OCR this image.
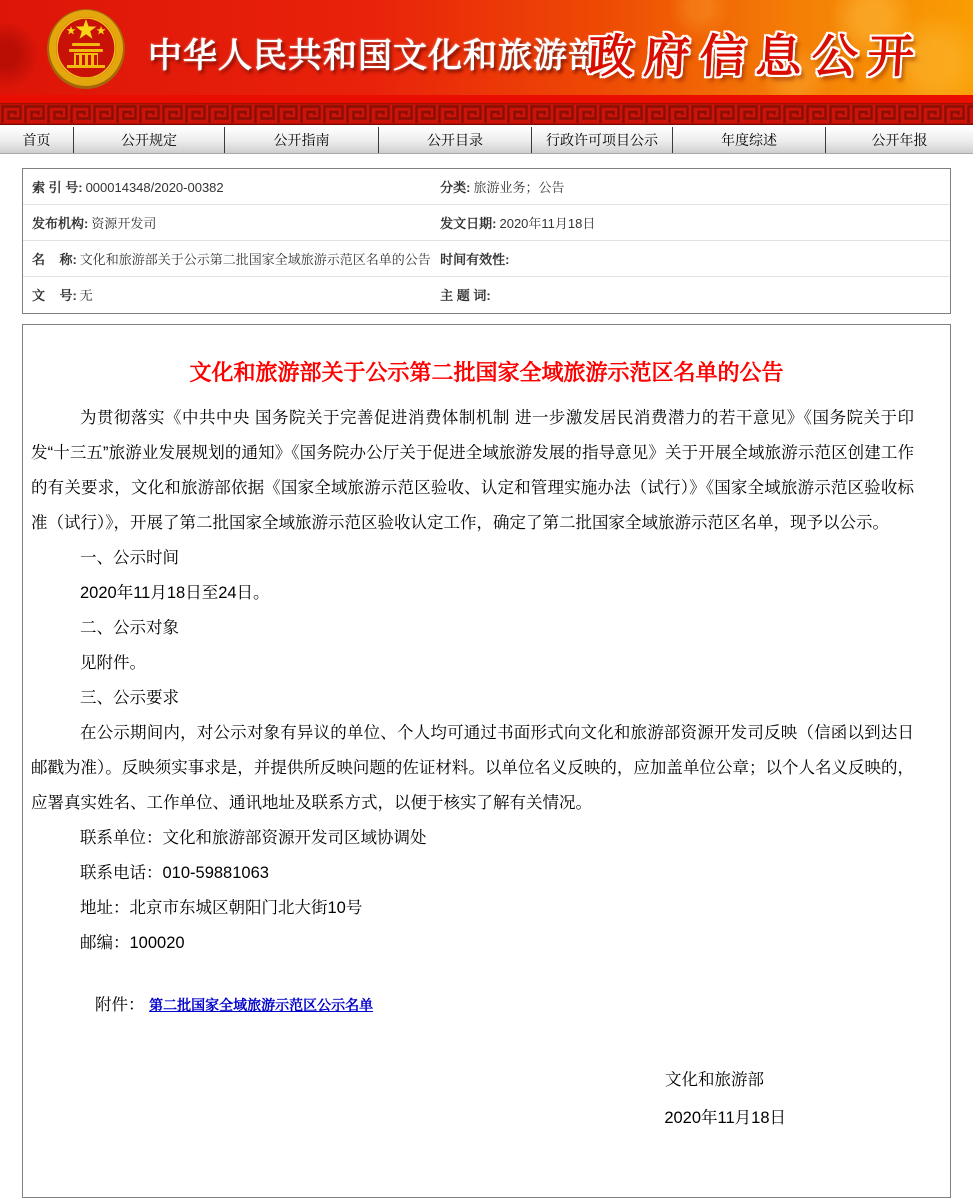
中华人民共和国文化和旅游部
政府信息公开
首页	公开规定	公开指南	公开目录	行政许可项目公示	年度综述	公开年报
索 引 号: 000014348/2020-00382	分类: 旅游业务；公告
发布机构: 资源开发司	发文日期: 2020年11月18日
名    称: 文化和旅游部关于公示第二批国家全域旅游示范区名单的公告 时间有效性:
文    号: 无	主 题 词:
文化和旅游部关于公示第二批国家全域旅游示范区名单的公告

为贯彻落实《中共中央 国务院关于完善促进消费体制机制 进一步激发居民消费潜力的若干意见》《国务院关于印发“十三五”旅游业发展规划的通知》《国务院办公厅关于促进全域旅游发展的指导意见》关于开展全域旅游示范区创建工作的有关要求，文化和旅游部依据《国家全域旅游示范区验收、认定和管理实施办法（试行）》《国家全域旅游示范区验收标准（试行）》，开展了第二批国家全域旅游示范区验收认定工作，确定了第二批国家全域旅游示范区名单，现予以公示。

一、公示时间

2020年11月18日至24日。

二、公示对象

见附件。

三、公示要求

在公示期间内，对公示对象有异议的单位、个人均可通过书面形式向文化和旅游部资源开发司反映（信函以到达日邮戳为准）。反映须实事求是，并提供所反映问题的佐证材料。以单位名义反映的，应加盖单位公章；以个人名义反映的，应署真实姓名、工作单位、通讯地址及联系方式，以便于核实了解有关情况。

联系单位：文化和旅游部资源开发司区域协调处

联系电话：010-59881063

地址：北京市东城区朝阳门北大街10号

邮编：100020

附件： 第二批国家全域旅游示范区公示名单
文化和旅游部
2020年11月18日
